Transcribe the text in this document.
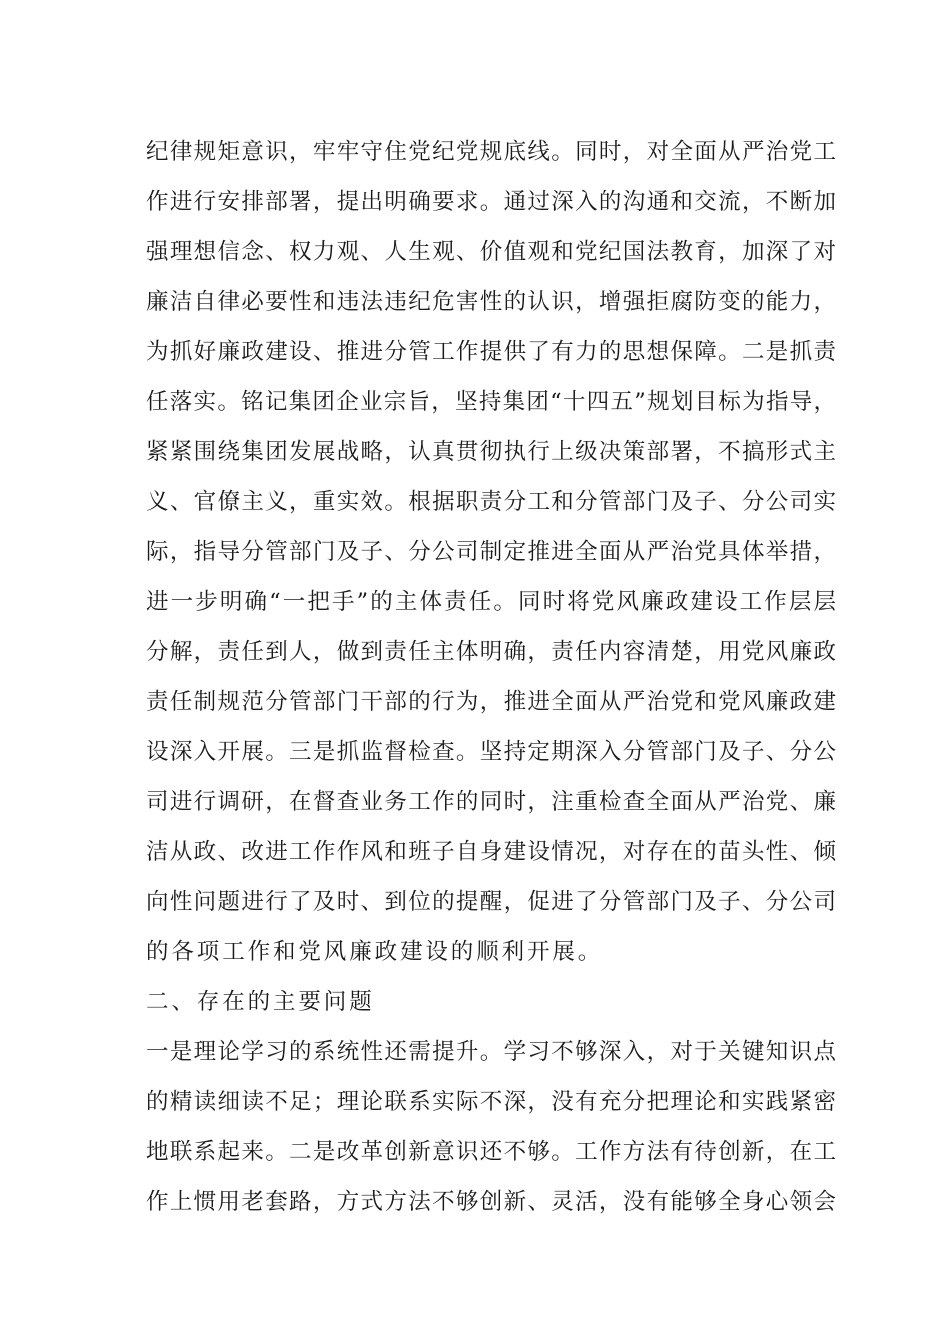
纪律规矩意识，牢牢守住党纪党规底线。同时，对全面从严治党工
作进行安排部署，提出明确要求。通过深入的沟通和交流，不断加
强理想信念、权力观、人生观、价值观和党纪国法教育，加深了对
廉洁自律必要性和违法违纪危害性的认识，增强拒腐防变的能力，
为抓好廉政建设、推进分管工作提供了有力的思想保障。二是抓责
任落实。铭记集团企业宗旨，坚持集团“十四五”规划目标为指导，
紧紧围绕集团发展战略，认真贯彻执行上级决策部署，不搞形式主
义、官僚主义，重实效。根据职责分工和分管部门及子、分公司实
际，指导分管部门及子、分公司制定推进全面从严治党具体举措，
进一步明确“一把手”的主体责任。同时将党风廉政建设工作层层
分解，责任到人，做到责任主体明确，责任内容清楚，用党风廉政
责任制规范分管部门干部的行为，推进全面从严治党和党风廉政建
设深入开展。三是抓监督检查。坚持定期深入分管部门及子、分公
司进行调研，在督查业务工作的同时，注重检查全面从严治党、廉
洁从政、改进工作作风和班子自身建设情况，对存在的苗头性、倾
向性问题进行了及时、到位的提醒，促进了分管部门及子、分公司
的各项工作和党风廉政建设的顺利开展。
二、存在的主要问题
一是理论学习的系统性还需提升。学习不够深入，对于关键知识点
的精读细读不足；理论联系实际不深，没有充分把理论和实践紧密
地联系起来。二是改革创新意识还不够。工作方法有待创新，在工
作上惯用老套路，方式方法不够创新、灵活，没有能够全身心领会
